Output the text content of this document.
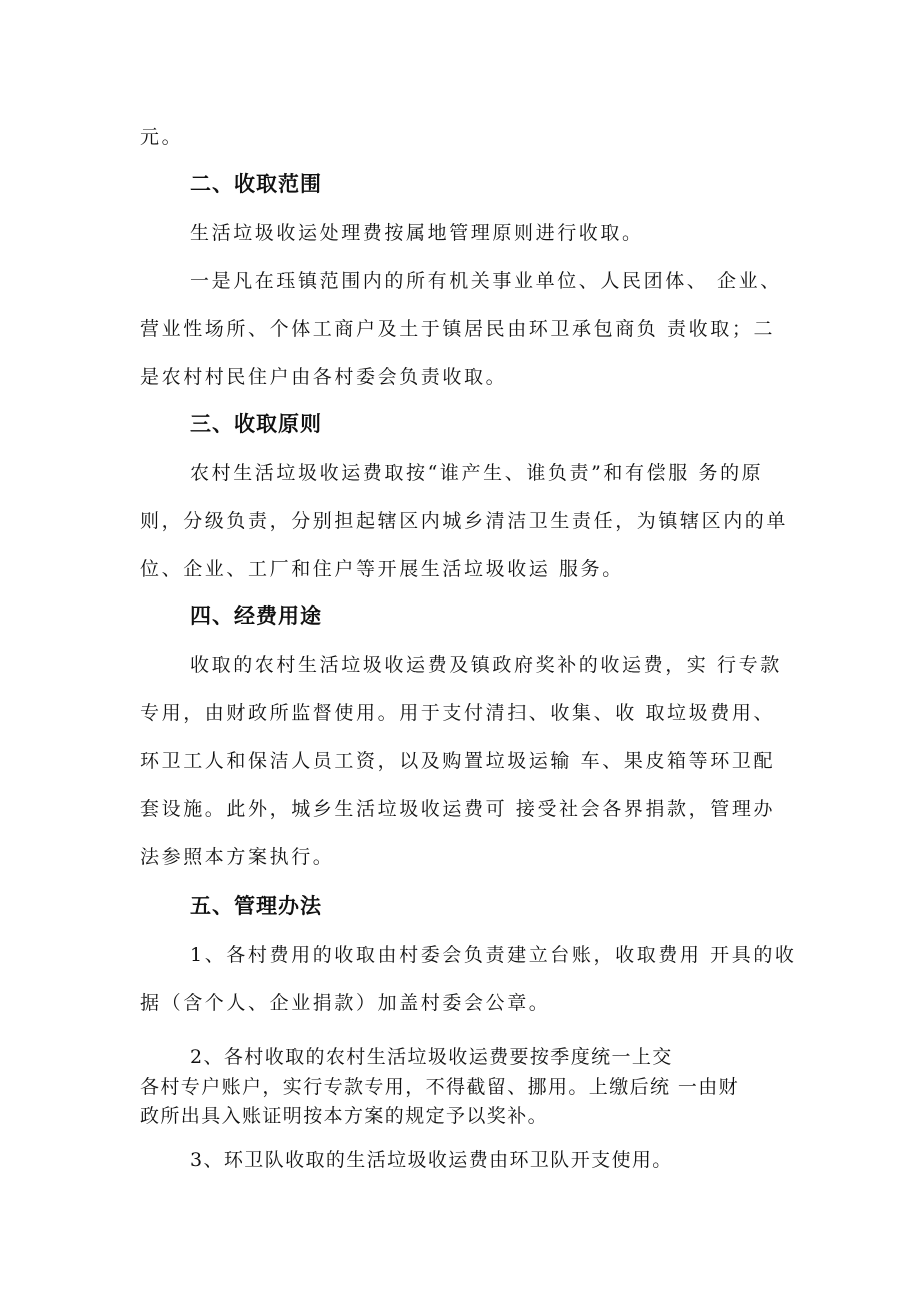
元。
二、收取范围
生活垃圾收运处理费按属地管理原则进行收取。
一是凡在珏镇范围内的所有机关事业单位、人民团体、 企业、
营业性场所、个体工商户及土于镇居民由环卫承包商负 责收取；二
是农村村民住户由各村委会负责收取。
三、收取原则
农村生活垃圾收运费取按“谁产生、谁负责”和有偿服 务的原
则，分级负责，分别担起辖区内城乡清洁卫生责任，为镇辖区内的单
位、企业、工厂和住户等开展生活垃圾收运 服务。
四、经费用途
收取的农村生活垃圾收运费及镇政府奖补的收运费，实 行专款
专用，由财政所监督使用。用于支付清扫、收集、收 取垃圾费用、
环卫工人和保洁人员工资，以及购置垃圾运输 车、果皮箱等环卫配
套设施。此外，城乡生活垃圾收运费可 接受社会各界捐款，管理办
法参照本方案执行。
五、管理办法
1、各村费用的收取由村委会负责建立台账，收取费用 开具的收
据（含个人、企业捐款）加盖村委会公章。
2、各村收取的农村生活垃圾收运费要按季度统一上交
各村专户账户，实行专款专用，不得截留、挪用。上缴后统 一由财
政所出具入账证明按本方案的规定予以奖补。
3、环卫队收取的生活垃圾收运费由环卫队开支使用。
